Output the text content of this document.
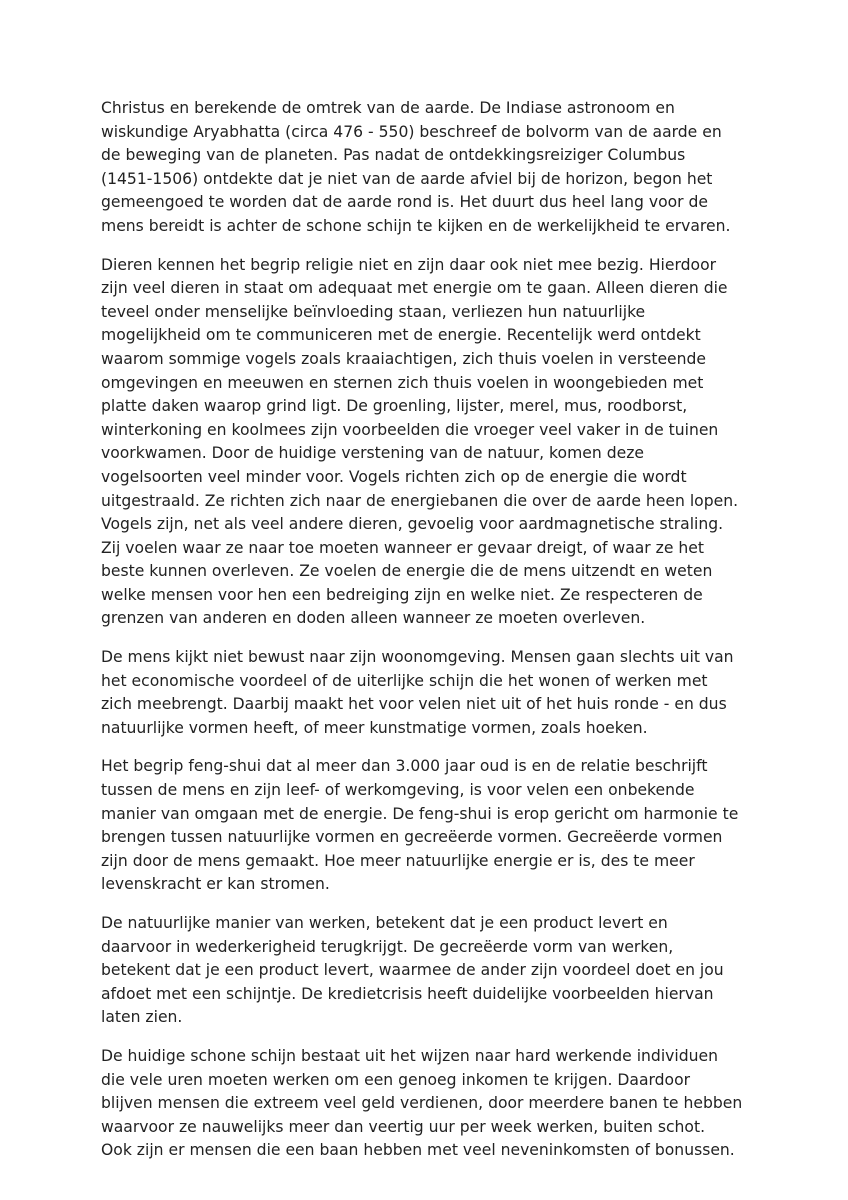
Christus en berekende de omtrek van de aarde. De Indiase astronoom en
wiskundige Aryabhatta (circa 476 - 550) beschreef de bolvorm van de aarde en
de beweging van de planeten. Pas nadat de ontdekkingsreiziger Columbus
(1451-1506) ontdekte dat je niet van de aarde afviel bij de horizon, begon het
gemeengoed te worden dat de aarde rond is. Het duurt dus heel lang voor de
mens bereidt is achter de schone schijn te kijken en de werkelijkheid te ervaren.

Dieren kennen het begrip religie niet en zijn daar ook niet mee bezig. Hierdoor
zijn veel dieren in staat om adequaat met energie om te gaan. Alleen dieren die
teveel onder menselijke beïnvloeding staan, verliezen hun natuurlijke
mogelijkheid om te communiceren met de energie. Recentelijk werd ontdekt
waarom sommige vogels zoals kraaiachtigen, zich thuis voelen in versteende
omgevingen en meeuwen en sternen zich thuis voelen in woongebieden met
platte daken waarop grind ligt. De groenling, lijster, merel, mus, roodborst,
winterkoning en koolmees zijn voorbeelden die vroeger veel vaker in de tuinen
voorkwamen. Door de huidige verstening van de natuur, komen deze
vogelsoorten veel minder voor. Vogels richten zich op de energie die wordt
uitgestraald. Ze richten zich naar de energiebanen die over de aarde heen lopen.
Vogels zijn, net als veel andere dieren, gevoelig voor aardmagnetische straling.
Zij voelen waar ze naar toe moeten wanneer er gevaar dreigt, of waar ze het
beste kunnen overleven. Ze voelen de energie die de mens uitzendt en weten
welke mensen voor hen een bedreiging zijn en welke niet. Ze respecteren de
grenzen van anderen en doden alleen wanneer ze moeten overleven.

De mens kijkt niet bewust naar zijn woonomgeving. Mensen gaan slechts uit van
het economische voordeel of de uiterlijke schijn die het wonen of werken met
zich meebrengt. Daarbij maakt het voor velen niet uit of het huis ronde - en dus
natuurlijke vormen heeft, of meer kunstmatige vormen, zoals hoeken.

Het begrip feng-shui dat al meer dan 3.000 jaar oud is en de relatie beschrijft
tussen de mens en zijn leef- of werkomgeving, is voor velen een onbekende
manier van omgaan met de energie. De feng-shui is erop gericht om harmonie te
brengen tussen natuurlijke vormen en gecreëerde vormen. Gecreëerde vormen
zijn door de mens gemaakt. Hoe meer natuurlijke energie er is, des te meer
levenskracht er kan stromen.

De natuurlijke manier van werken, betekent dat je een product levert en
daarvoor in wederkerigheid terugkrijgt. De gecreëerde vorm van werken,
betekent dat je een product levert, waarmee de ander zijn voordeel doet en jou
afdoet met een schijntje. De kredietcrisis heeft duidelijke voorbeelden hiervan
laten zien.

De huidige schone schijn bestaat uit het wijzen naar hard werkende individuen
die vele uren moeten werken om een genoeg inkomen te krijgen. Daardoor
blijven mensen die extreem veel geld verdienen, door meerdere banen te hebben
waarvoor ze nauwelijks meer dan veertig uur per week werken, buiten schot.
Ook zijn er mensen die een baan hebben met veel neveninkomsten of bonussen.
